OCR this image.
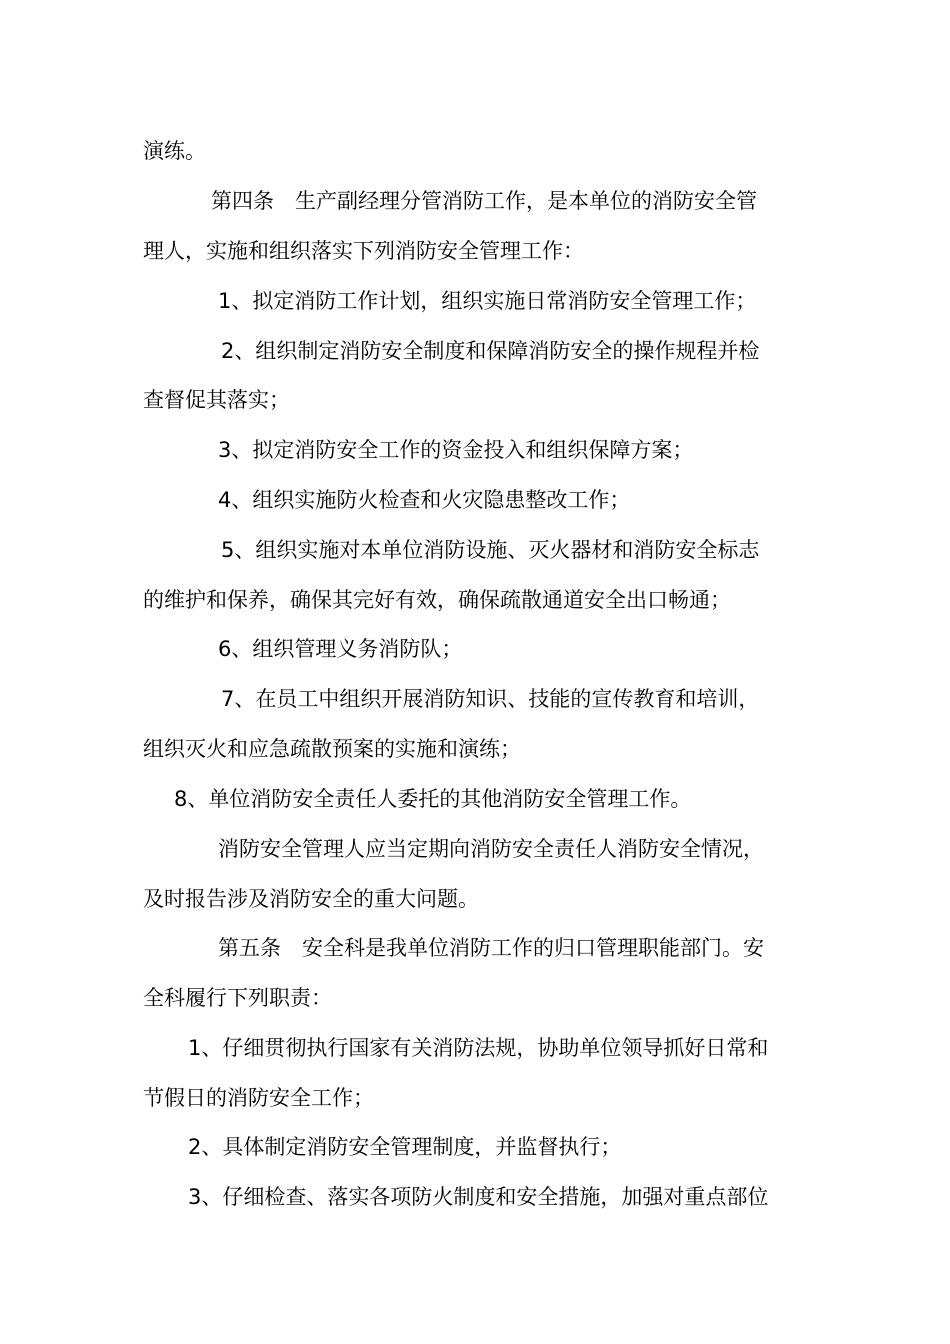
演练。
第四条　生产副经理分管消防工作，是本单位的消防安全管
理人，实施和组织落实下列消防安全管理工作：
1、拟定消防工作计划，组织实施日常消防安全管理工作；
2、组织制定消防安全制度和保障消防安全的操作规程并检
查督促其落实；
3、拟定消防安全工作的资金投入和组织保障方案；
4、组织实施防火检查和火灾隐患整改工作；
5、组织实施对本单位消防设施、灭火器材和消防安全标志
的维护和保养，确保其完好有效，确保疏散通道安全出口畅通；
6、组织管理义务消防队；
7、在员工中组织开展消防知识、技能的宣传教育和培训，
组织灭火和应急疏散预案的实施和演练；
8、单位消防安全责任人委托的其他消防安全管理工作。
消防安全管理人应当定期向消防安全责任人消防安全情况，
及时报告涉及消防安全的重大问题。
第五条　安全科是我单位消防工作的归口管理职能部门。安
全科履行下列职责：
1、仔细贯彻执行国家有关消防法规，协助单位领导抓好日常和
节假日的消防安全工作；
2、具体制定消防安全管理制度，并监督执行；
3、仔细检查、落实各项防火制度和安全措施，加强对重点部位
